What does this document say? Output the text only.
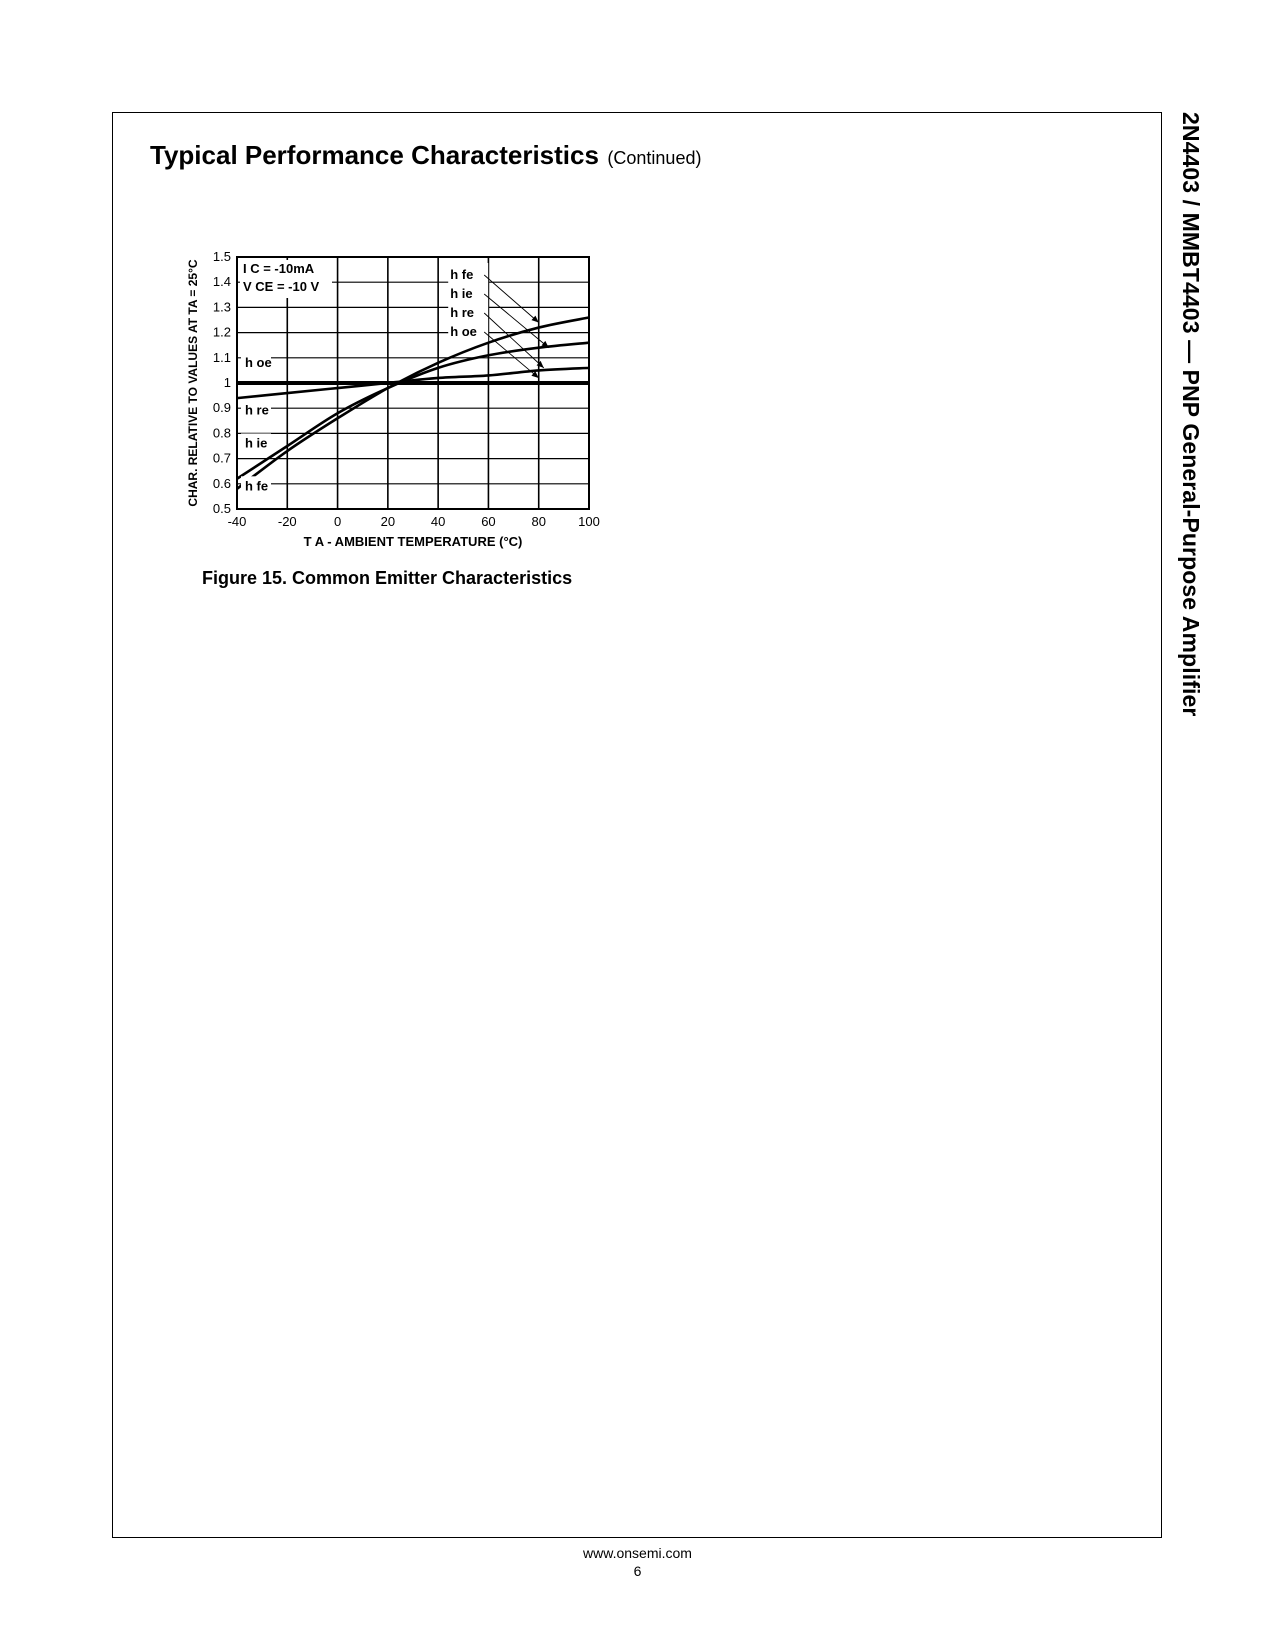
2N4403 / MMBT4403 — PNP General-Purpose Amplifier
Typical Performance Characteristics (Continued)
-40 -20	0	20	40	60	80 100
0.5
0.6
0.7
0.8
0.9
1
1.1
1.2
1.3
1.4
1.5
T A - AMBIENT TEMPERATURE (°C)
CHAR. RELATIVE TO VALUES AT TA = 25°C	I C = -10mA
V CE = -10 V
h oe
h re
h ie
h fe
h fe
h ie
h re
h oe
Figure 15. Common Emitter Characteristics
www.onsemi.com
6
